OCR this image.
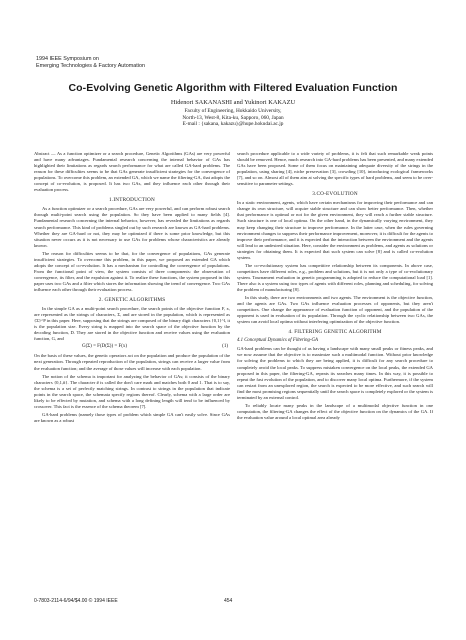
1994 IEEE Symposium on
Emerging Technologies & Factory Automation
Co-Evolving Genetic Algorithm with Filtered Evaluation Function
Hidenori SAKANASHI and Yukinori KAKAZU
Faculty of Engineering, Hokkaido University,
North-13, West-8, Kita-ku, Sapporo, 060, Japan
E-mail : {sakana, kakazu}@hupe.hokudai.ac.jp

Abstract — As a function optimizer or a search procedure, Genetic Algorithms (GAs) are very powerful and have many advantages. Fundamental research concerning the internal behavior of GAs has highlighted their limitations as regards search performance for what are called GA-hard problems. The reason for these difficulties seems to be that GAs generate insufficient strategies for the convergence of populations. To overcome this problem, an extended GA, which we name the filtering-GA, that adopts the concept of co-evolution, is proposed. It has two GAs, and they influence each other through their evaluation process.

1.INTRODUCTION

As a function optimizer or a search procedure, GAs are very powerful, and can perform robust search through multi-point search using the population. So they have been applied to many fields [4]. Fundamental research concerning the internal behavior, however, has revealed the limitations as regards search performance. This kind of problems singled out by such research are known as GA-hard problems. Whether they are GA-hard or not, they may be optimized if there is some prior knowledge, but this situation never occurs as it is not necessary to use GAs for problems whose characteristics are already known.

The reason for difficulties seems to be that, for the convergence of populations, GAs generate insufficient strategies. To overcome this problem, in this paper, we proposed an extended GA which adopts the concept of co-evolution. It has a mechanism for controlling the convergence of populations. From the functional point of view, the system consists of three components: the observation of convergence, its filter, and the expulsion against it. To realize these functions, the system proposed in this paper uses two GAs and a filter which stores the information showing the trend of convergence. Two GAs influence each other through their evaluation process.

2. GENETIC ALGORITHMS

In the simple GA as a multi-point search procedure, the search points of the objective function F, x, are represented as the strings of characters, Σ, and are stored in the population, which is represented as {Σ}^P in this paper. Here, supposing that the strings are composed of the binary digit characters {0,1}^l, it is the population size. Every string is mapped into the search space of the objective function by the decoding function, D. They are stored in the objective function and receive values using the evaluation function, G, and

G(Σ) = F(D(Σ)) = F(x)	(1)

On the basis of these values, the genetic operators act on the population and produce the population of the next generation. Through repeated reproduction of the population, strings can receive a larger value from the evaluation function; and the average of those values will increase with each population.

The notion of the schema is important for analyzing the behavior of GAs; it consists of the binary characters {0,1,#}. The character # is called the don't care mark and matches both 0 and 1. That is to say, the schema is a set of perfectly matching strings. In contrast to strings in the population that indicate points in the search space, the schemata specify regions thereof. Clearly, schema with a large order are likely to be effected by mutation, and schema with a long defining length will tend to be influenced by crossover. This fact is the essence of the schema theorem [7].

GA-hard problems (namely those types of problem which simple GA can't easily solve. Since GAs are known as a robust

search procedure applicable to a wide variety of problems, it is felt that such remarkable weak points should be removed. Hence, much research into GA-hard problems has been presented, and many extended GAs have been proposed. Some of them focus on maintaining adequate diversity of the strings in the population, using sharing [4], niche preservation [3], crowding [10], introducing ecological frameworks [7], and so on. Almost all of them aim at solving the specific types of hard problems, and seem to be over-sensitive to parameter settings.

3.CO-EVOLUTION

In a static environment, agents, which have certain mechanisms for improving their performance and can change its own structure, will acquire stable structure and can show better performance. Then, whether that performance is optimal or not for the given environment, they will reach a further stable structure. Such structure is one of local optima. On the other hand, in the dynamically varying environment, they may keep changing their structure to improve performance. In the latter case, when the rules governing environment changes to suppress their performance improvement, moreover, it is difficult for the agents to improve their performance, and it is expected that the interaction between the environment and the agents will lead to an undesired situation. Here, consider the environment as problems, and agents as solutions or strategies for obtaining them. It is expected that such system can solve [8] and is called co-evolution system.

The co-evolutionary system has competitive relationship between its components. In above case, competitors have different roles, e.g., problem and solutions, but it is not only a type of co-evolutionary system. Tournament evaluation in genetic programming is adopted to reduce the computational load [1]. There also is a system using two types of agents with different roles, planning and scheduling, for solving the problem of manufacturing [8].

In this study, there are two environments and two agents. The environment is the objective function, and the agents are GAs. Two GAs influence evaluation processes of opponents, but they aren't competitors. One change the appearance of evaluation function of opponent, and the population of the opponent is used in evaluation of its population. Through the cyclic relationship between two GAs, the system can avoid local optima without interfering optimization of the objective function.

4. FILTERING GENETIC ALGORITHM
4.1 Conceptual Dynamics of Filtering-GA

GA-hard problems can be thought of as having a landscape with many small peaks or fitness peaks, and we now assume that the objective is to maximize such a multimodal function. Without prior knowledge for solving the problems to which they are being applied, it is difficult for any search procedure to completely avoid the local peaks. To suppress mistaken convergence on the local peaks, the extended GA proposed in this paper, the filtering-GA, repeats its searches many times. In this way, it is possible to repeat the fast evolution of the population, and to discover many local optima. Furthermore, if the system can restart from an unexplored region, the search is expected to be more effective, and such search will find the most promising regions sequentially until the search space is completely explored or the system is terminated by an external control.

To reliably locate many peaks in the landscape of a multimodal objective function in one computation, the filtering-GA changes the effect of the objective function on the dynamics of the GA. If the evaluation value around a local optimal area already

0-7803-2114-6/94/$4.00 © 1994 IEEE	454
